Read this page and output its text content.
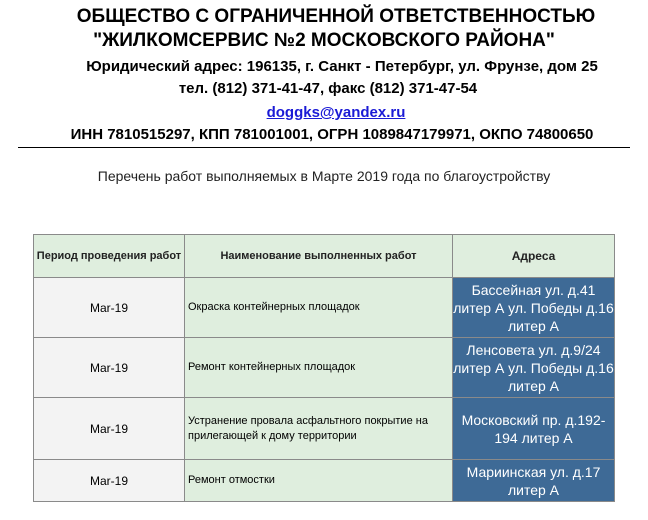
ОБЩЕСТВО С ОГРАНИЧЕННОЙ ОТВЕТСТВЕННОСТЬЮ
"ЖИЛКОМСЕРВИС №2 МОСКОВСКОГО РАЙОНА"
Юридический адрес: 196135, г. Санкт - Петербург, ул. Фрунзе, дом 25
тел. (812) 371-41-47, факс (812) 371-47-54
doggks@yandex.ru
ИНН 7810515297, КПП 781001001, ОГРН 1089847179971, ОКПО 74800650
Перечень работ выполняемых в Марте 2019 года по благоустройству
Период проведения работ	Наименование выполненных работ	Адреса
Mar-19	Окраска контейнерных площадок	Бассейная ул. д.41 литер А ул. Победы д.16 литер А
Mar-19	Ремонт контейнерных площадок	Ленсовета ул. д.9/24 литер А ул. Победы д.16 литер А
Mar-19	Устранение провала асфальтного покрытие на прилегающей к дому территории	Московский пр. д.192-194 литер А
Mar-19	Ремонт отмостки	Мариинская ул. д.17 литер А
